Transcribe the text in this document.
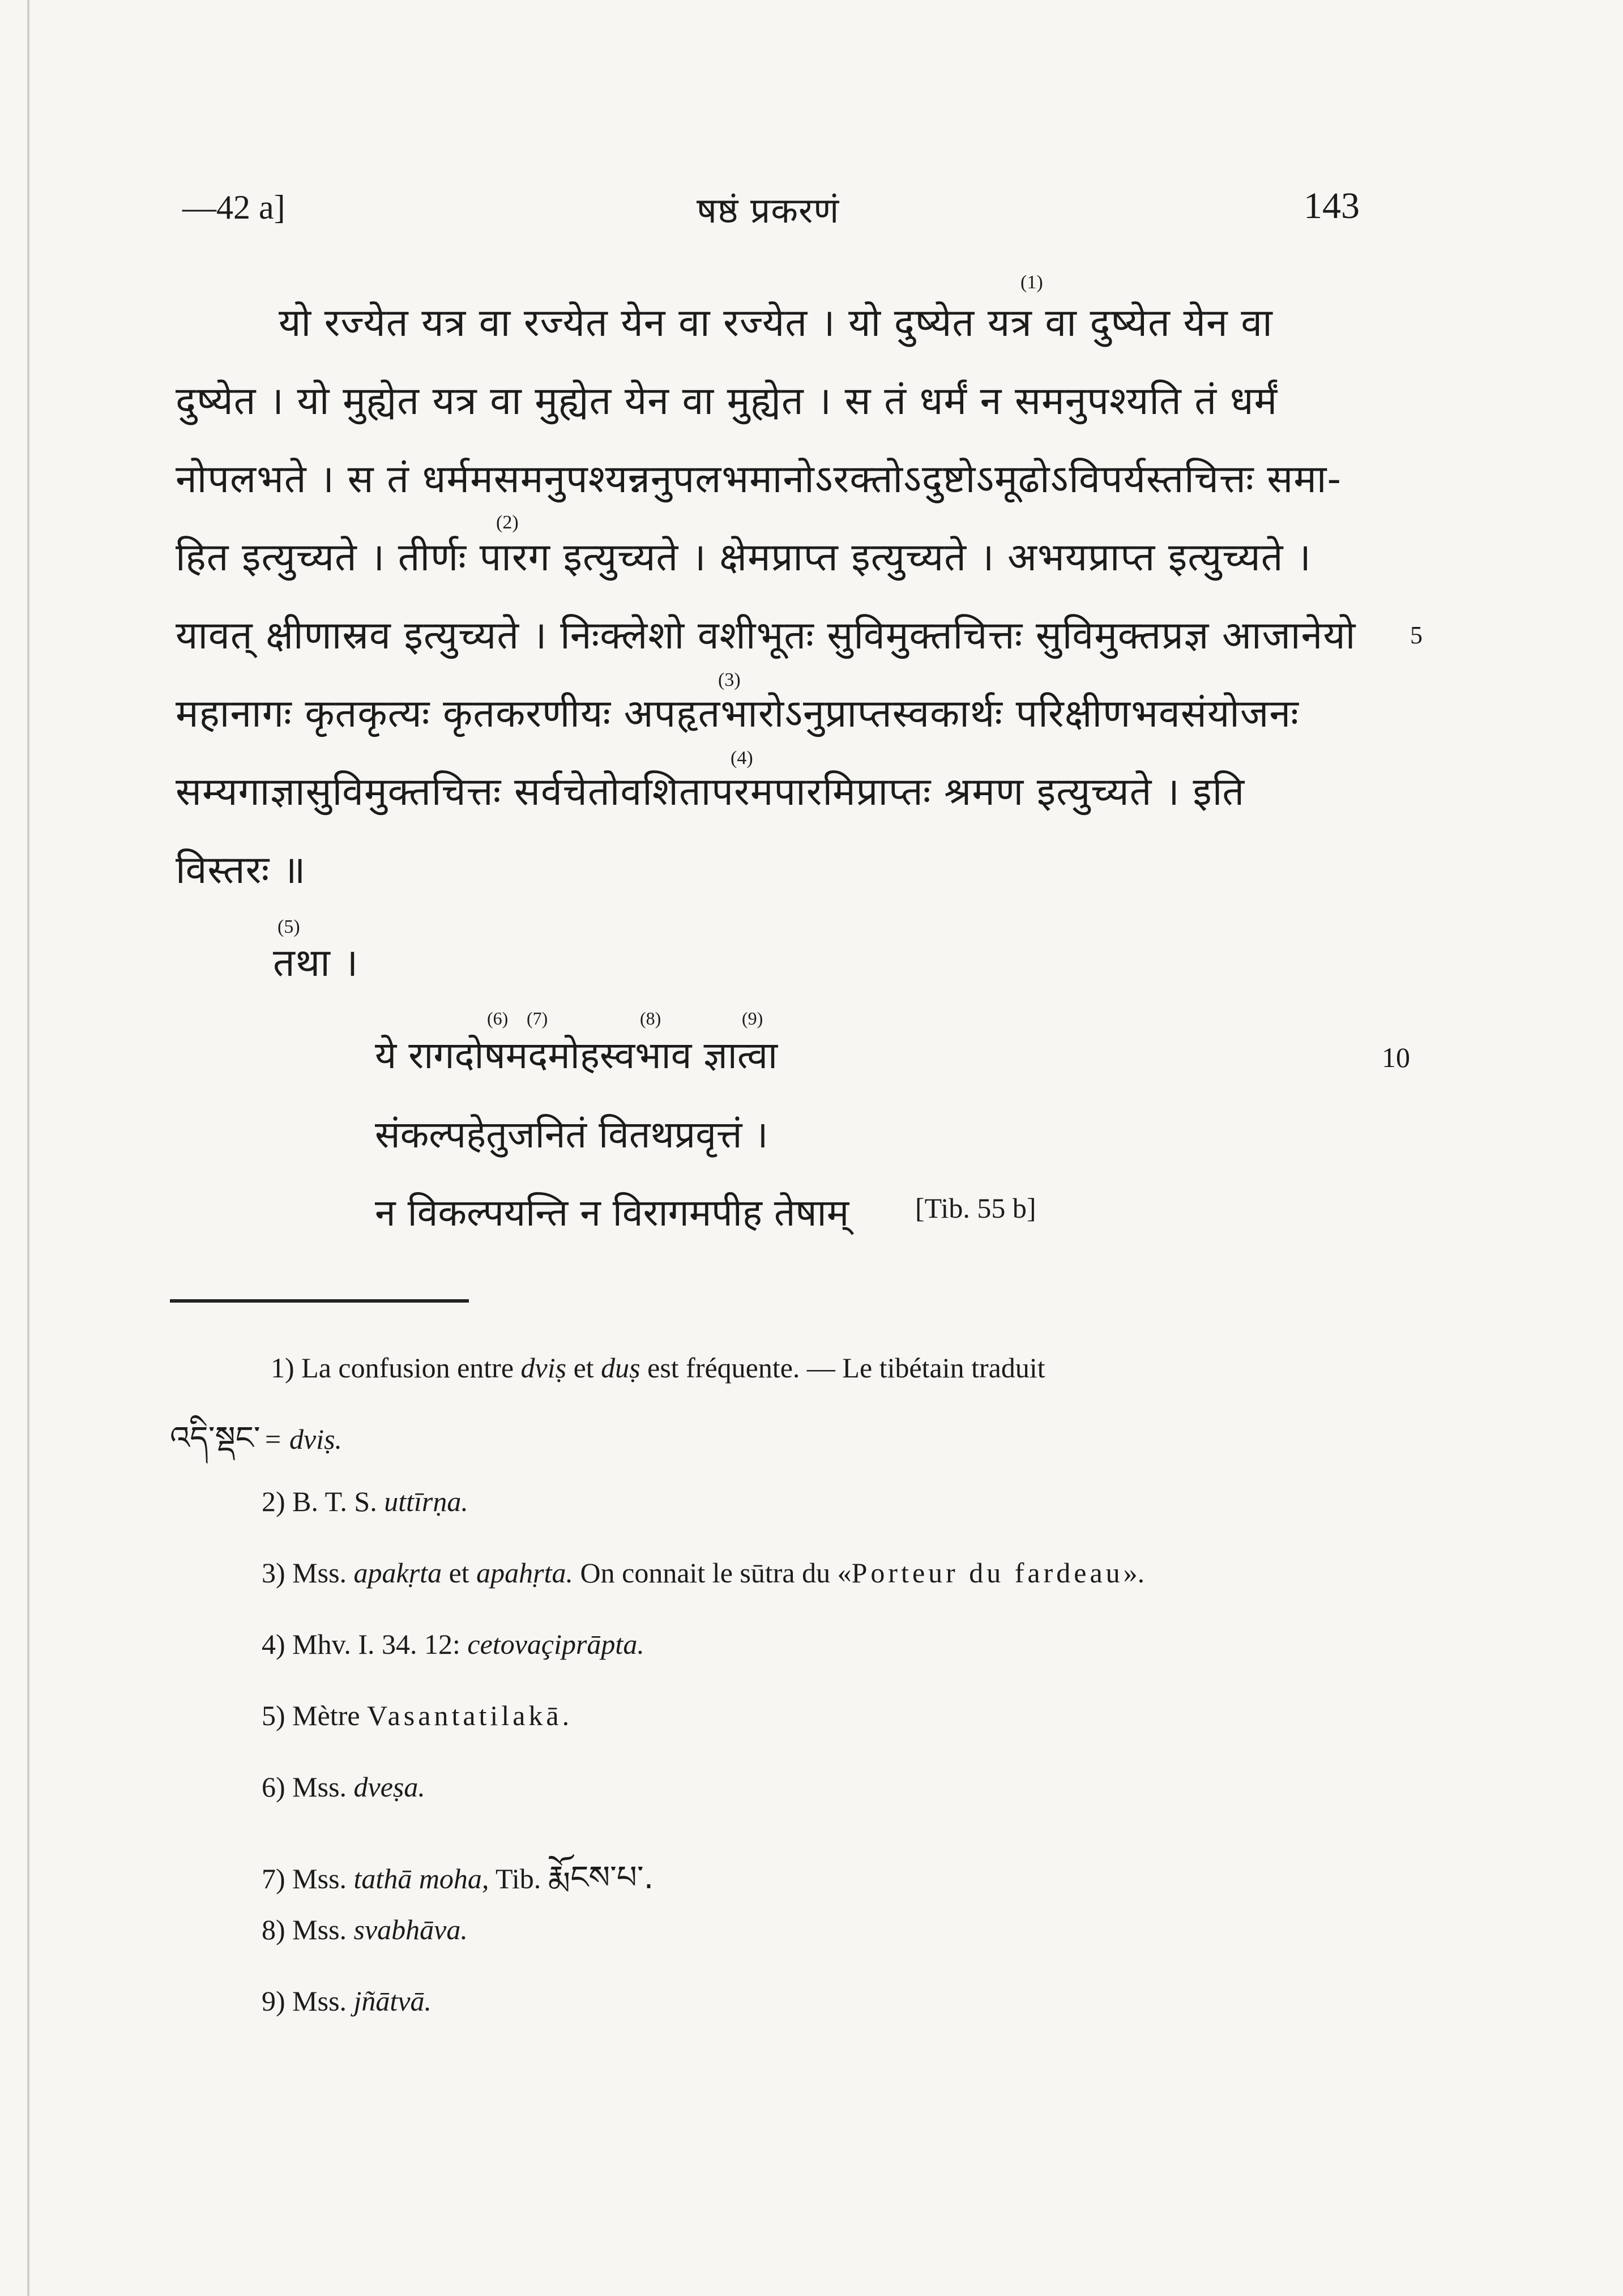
—42 a]	षष्ठं प्रकरणं	143
यो रज्येत यत्र वा रज्येत येन वा रज्येत । यो दुष्येत यत्र वा दुष्येत येन वा
दुष्येत । यो मुह्येत यत्र वा मुह्येत येन वा मुह्येत । स तं धर्मं न समनुपश्यति तं धर्मं
नोपलभते । स तं धर्ममसमनुपश्यन्ननुपलभमानोऽरक्तोऽदुष्टोऽमूढोऽविपर्यस्तचित्तः समा-
हित इत्युच्यते । तीर्णः पारग इत्युच्यते । क्षेमप्राप्त इत्युच्यते । अभयप्राप्त इत्युच्यते ।
यावत् क्षीणास्रव इत्युच्यते । निःक्लेशो वशीभूतः सुविमुक्तचित्तः सुविमुक्तप्रज्ञ आजानेयो
महानागः कृतकृत्यः कृतकरणीयः अपहृतभारोऽनुप्राप्तस्वकार्थः परिक्षीणभवसंयोजनः
सम्यगाज्ञासुविमुक्तचित्तः सर्वचेतोवशितापरमपारमिप्राप्तः श्रमण इत्युच्यते । इति
विस्तरः ॥
(1)
(2)
(3)
(4)
5
(5)
तथा ।
(6) (7)	(8)	(9)
ये रागदोषमदमोहस्वभाव ज्ञात्वा	10
संकल्पहेतुजनितं वितथप्रवृत्तं ।
न विकल्पयन्ति न विरागमपीह तेषाम् [Tib. 55 b]
1) La confusion entre dviṣ et duṣ est fréquente. — Le tibétain traduit
འདི་སྡང་ = dviṣ.
2) B. T. S. uttīrṇa.
3) Mss. apakṛta et apahṛta. On connait le sūtra du «Porteur du fardeau».
4) Mhv. I. 34. 12: cetovaçiprāpta.
5) Mètre Vasantatilakā.
6) Mss. dveṣa.
7) Mss. tathā moha, Tib. རྨོངས་པ་.
8) Mss. svabhāva.
9) Mss. jñātvā.
